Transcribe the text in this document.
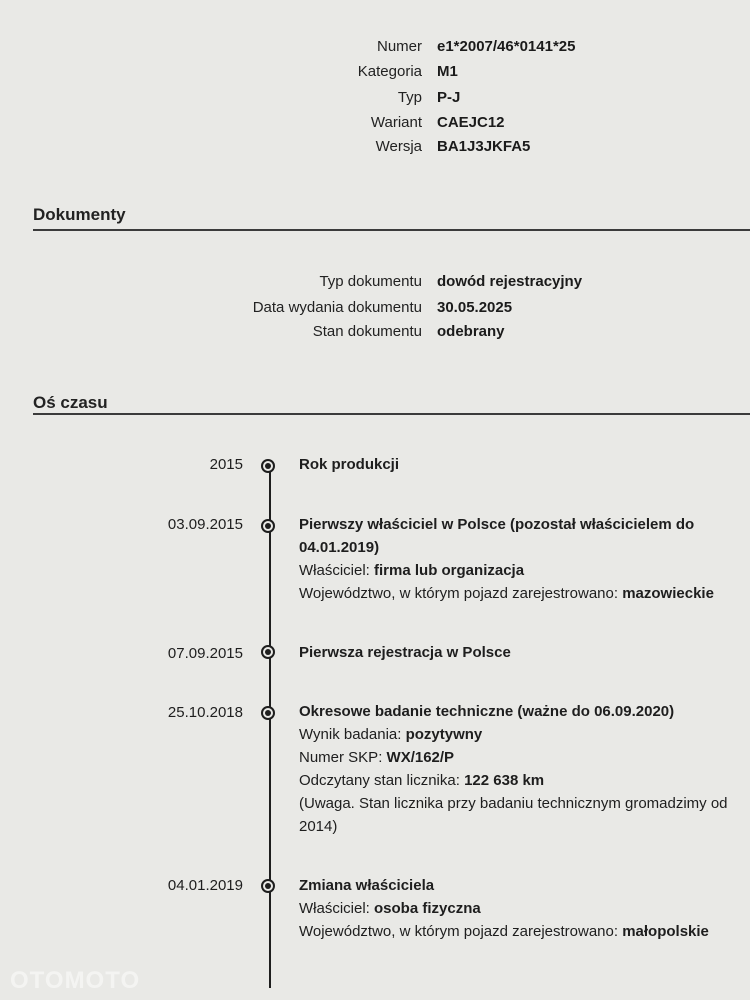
Numer e1*2007/46*0141*25
Kategoria M1
Typ P-J
Wariant CAEJC12
Wersja BA1J3JKFA5
Dokumenty
Typ dokumentu dowód rejestracyjny
Data wydania dokumentu 30.05.2025
Stan dokumentu odebrany
Oś czasu
2015	Rok produkcji
03.09.2015	Pierwszy właściciel w Polsce (pozostał właścicielem do 04.01.2019)
Właściciel: firma lub organizacja
Województwo, w którym pojazd zarejestrowano: mazowieckie
07.09.2015	Pierwsza rejestracja w Polsce
25.10.2018	Okresowe badanie techniczne (ważne do 06.09.2020)
Wynik badania: pozytywny
Numer SKP: WX/162/P
Odczytany stan licznika: 122 638 km
(Uwaga. Stan licznika przy badaniu technicznym gromadzimy od 2014)
04.01.2019	Zmiana właściciela
Właściciel: osoba fizyczna
Województwo, w którym pojazd zarejestrowano: małopolskie
OTOMOTO
